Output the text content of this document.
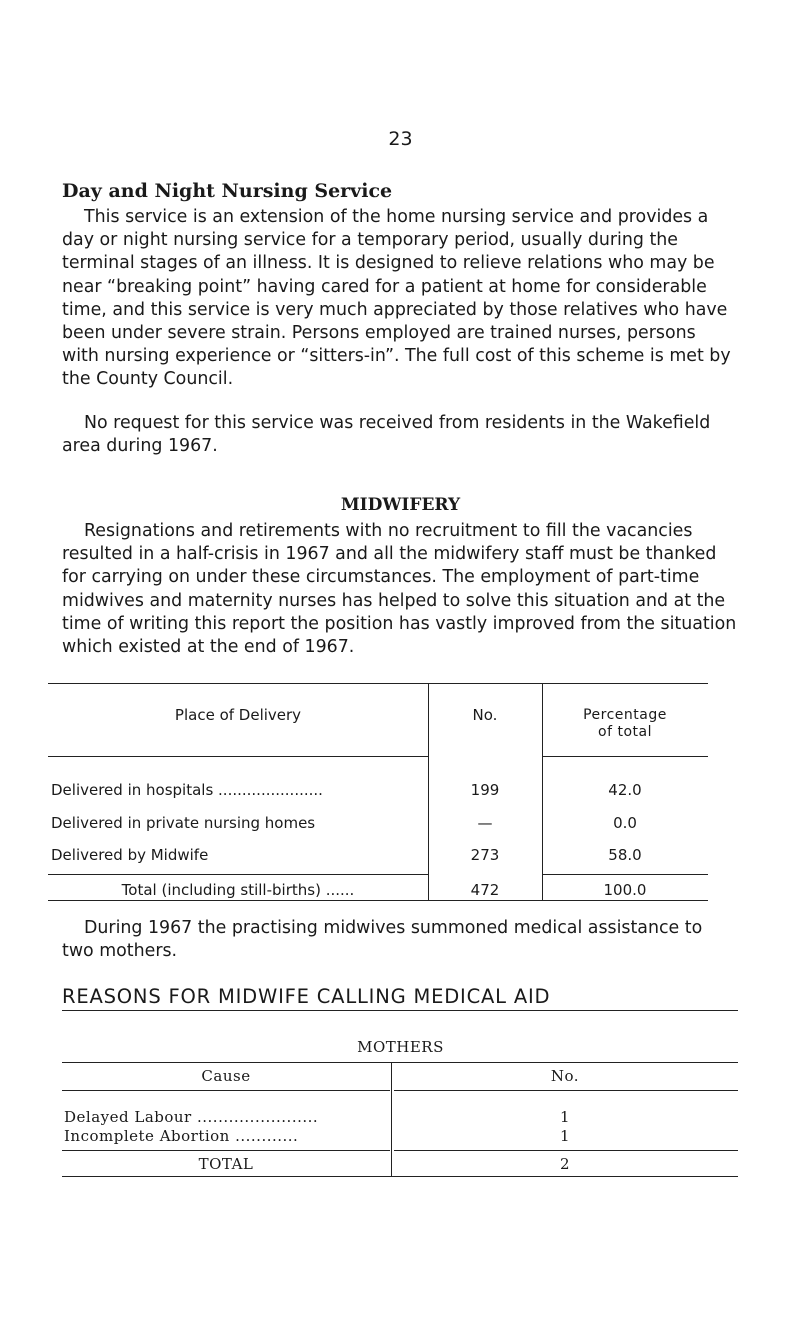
23
Day and Night Nursing Service

This service is an extension of the home nursing service and provides a day or night nursing service for a temporary period, usually during the terminal stages of an illness. It is designed to relieve relations who may be near “breaking point” having cared for a patient at home for considerable time, and this service is very much appreciated by those relatives who have been under severe strain. Persons employed are trained nurses, persons with nursing experience or “sitters-in”. The full cost of this scheme is met by the County Council.

No request for this service was received from residents in the Wakefield area during 1967.

MIDWIFERY

Resignations and retirements with no recruitment to fill the vacancies resulted in a half-crisis in 1967 and all the midwifery staff must be thanked for carrying on under these circumstances. The employment of part-time midwives and maternity nurses has helped to solve this situation and at the time of writing this report the position has vastly improved from the situation which existed at the end of 1967.

Place of Delivery	No.	Percentage
of total
Delivered in hospitals ......................	199	42.0
Delivered in private nursing homes	—	0.0
Delivered by Midwife	273	58.0
Total (including still-births) ......	472	100.0

During 1967 the practising midwives summoned medical assistance to two mothers.

REASONS FOR MIDWIFE CALLING MEDICAL AID
MOTHERS
Cause	No.
Delayed Labour .......................	1
Incomplete Abortion ............	1
TOTAL	2
